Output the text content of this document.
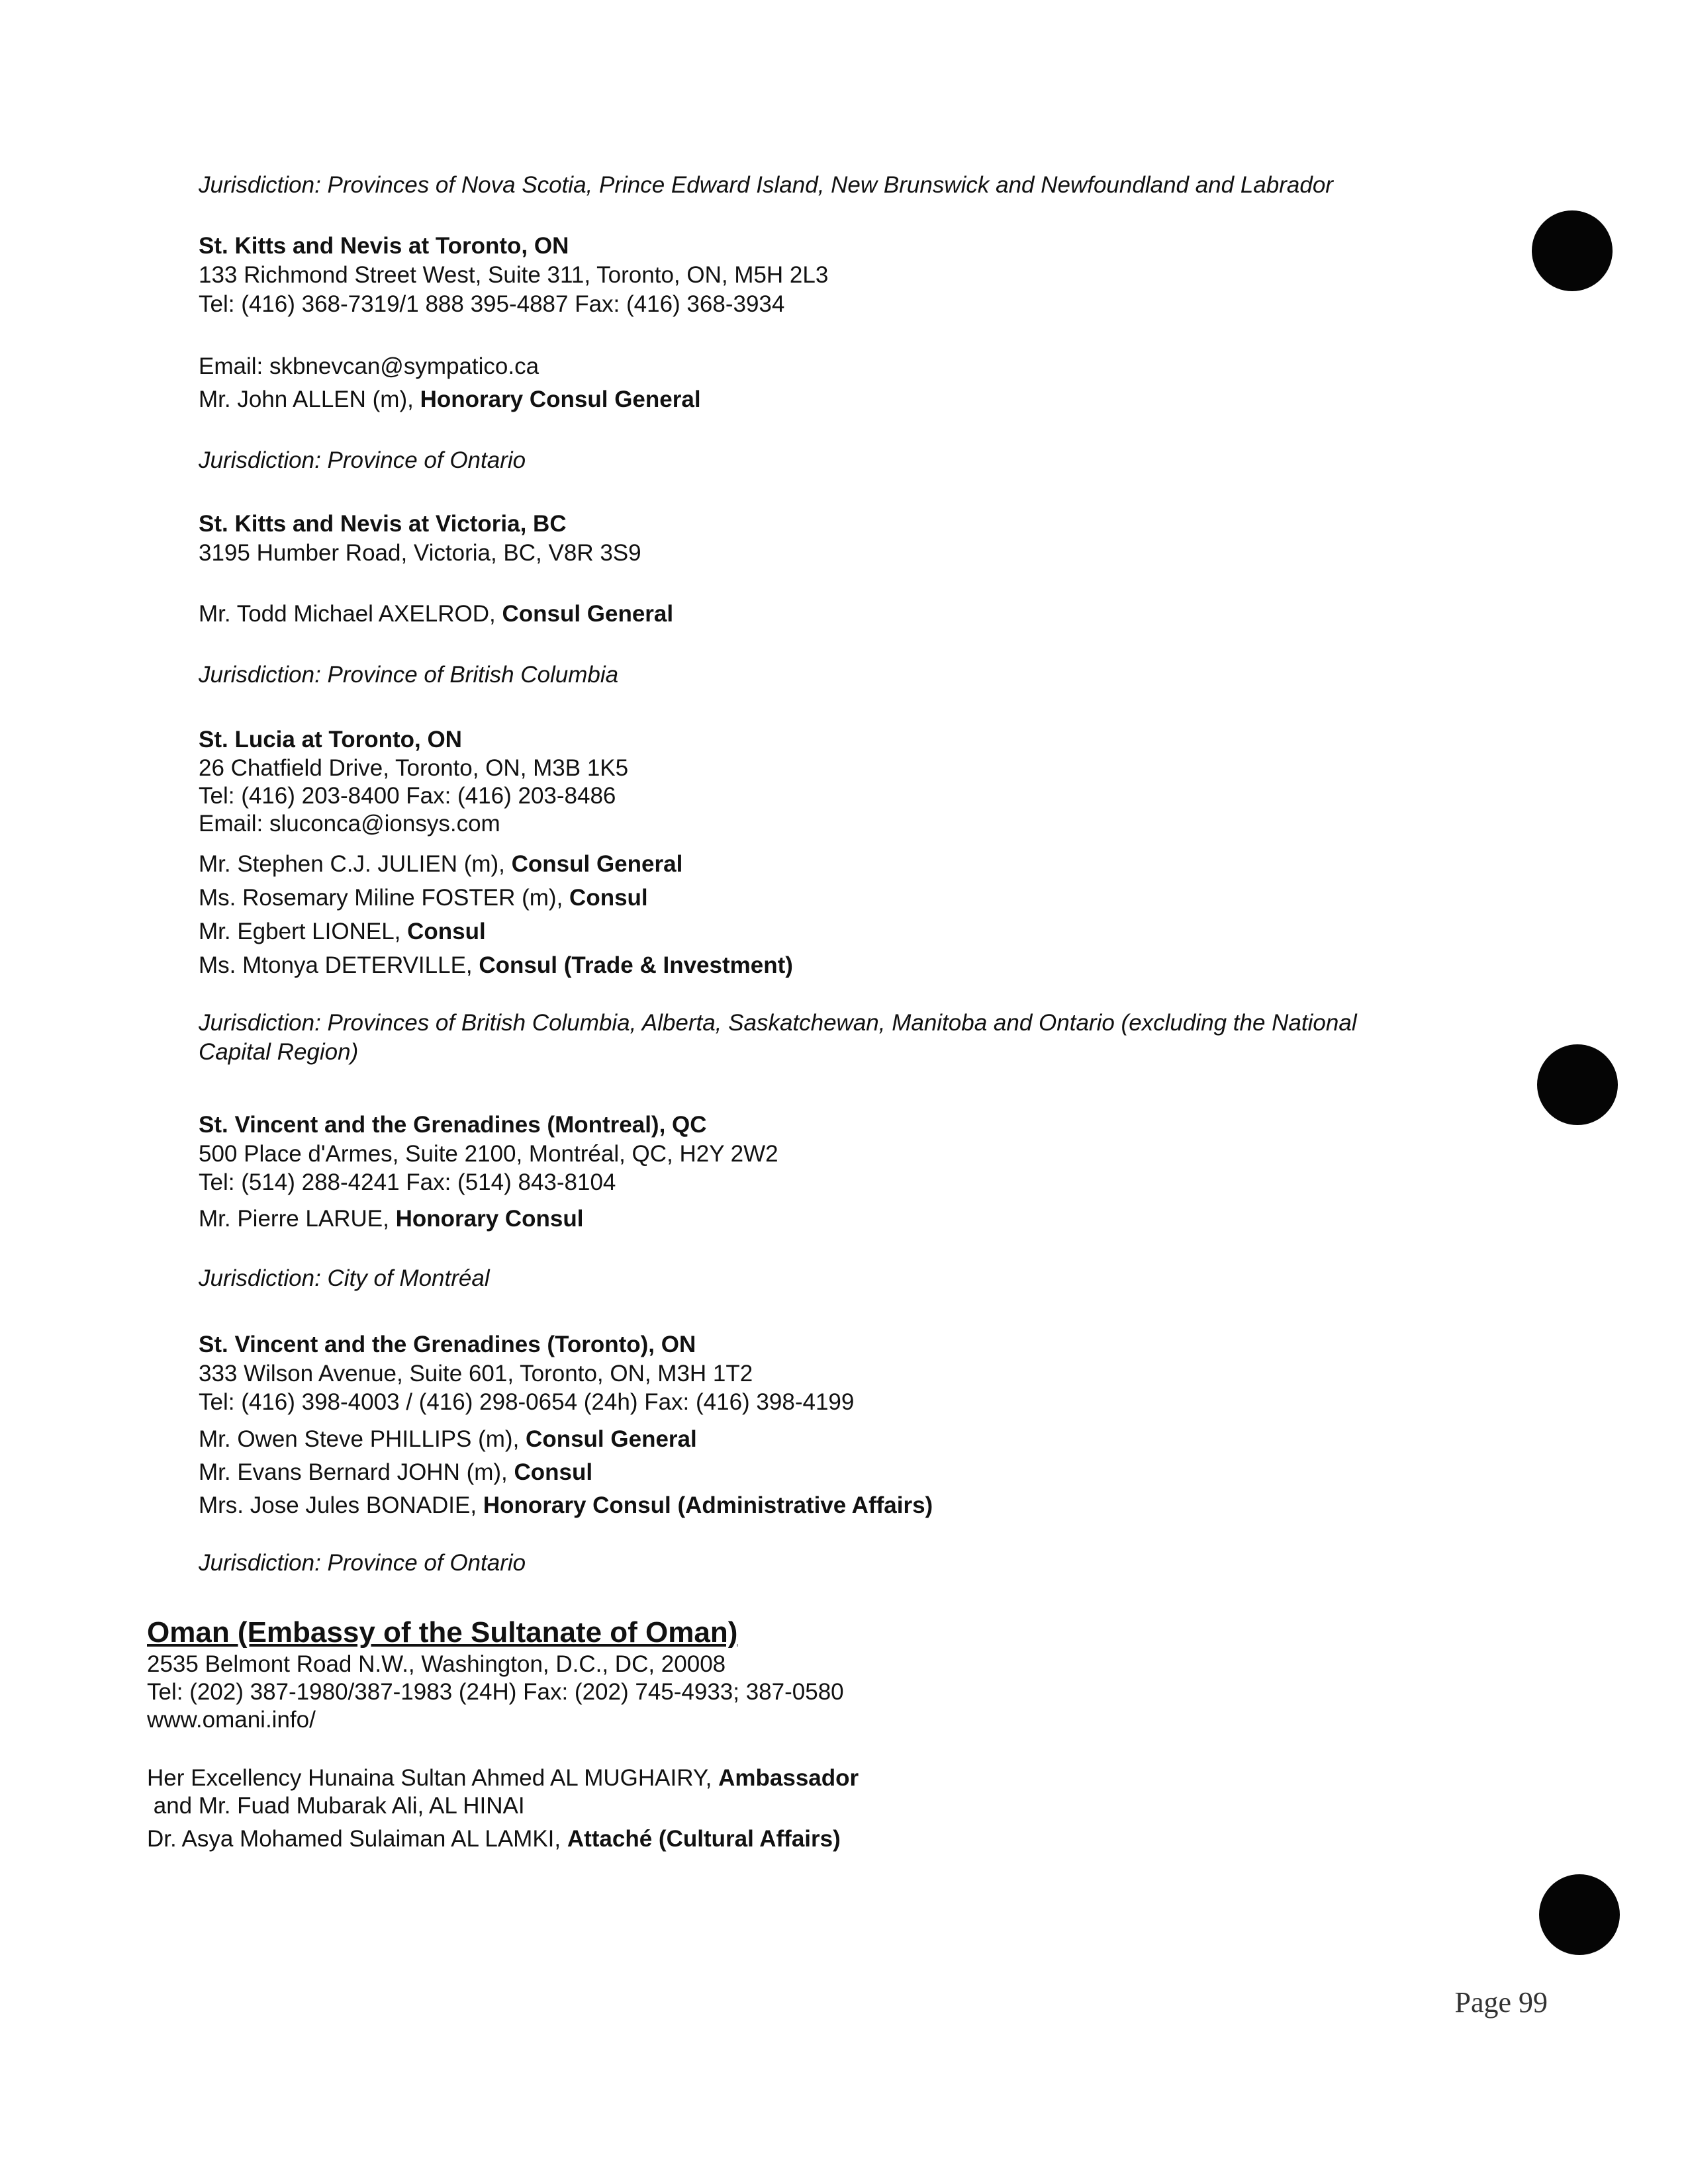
Jurisdiction: Provinces of Nova Scotia, Prince Edward Island, New Brunswick and Newfoundland and Labrador
St. Kitts and Nevis at Toronto, ON
133 Richmond Street West, Suite 311, Toronto, ON, M5H 2L3
Tel: (416) 368-7319/1 888 395-4887 Fax: (416) 368-3934
Email: skbnevcan@sympatico.ca
Mr. John ALLEN (m), Honorary Consul General
Jurisdiction: Province of Ontario
St. Kitts and Nevis at Victoria, BC
3195 Humber Road, Victoria, BC, V8R 3S9
Mr. Todd Michael AXELROD, Consul General
Jurisdiction: Province of British Columbia
St. Lucia at Toronto, ON
26 Chatfield Drive, Toronto, ON, M3B 1K5
Tel: (416) 203-8400 Fax: (416) 203-8486
Email: sluconca@ionsys.com
Mr. Stephen C.J. JULIEN (m), Consul General
Ms. Rosemary Miline FOSTER (m), Consul
Mr. Egbert LIONEL, Consul
Ms. Mtonya DETERVILLE, Consul (Trade & Investment)
Jurisdiction: Provinces of British Columbia, Alberta, Saskatchewan, Manitoba and Ontario (excluding the National
Capital Region)
St. Vincent and the Grenadines (Montreal), QC
500 Place d'Armes, Suite 2100, Montréal, QC, H2Y 2W2
Tel: (514) 288-4241 Fax: (514) 843-8104
Mr. Pierre LARUE, Honorary Consul
Jurisdiction: City of Montréal
St. Vincent and the Grenadines (Toronto), ON
333 Wilson Avenue, Suite 601, Toronto, ON, M3H 1T2
Tel: (416) 398-4003 / (416) 298-0654 (24h) Fax: (416) 398-4199
Mr. Owen Steve PHILLIPS (m), Consul General
Mr. Evans Bernard JOHN (m), Consul
Mrs. Jose Jules BONADIE, Honorary Consul (Administrative Affairs)
Jurisdiction: Province of Ontario
Oman (Embassy of the Sultanate of Oman)
2535 Belmont Road N.W., Washington, D.C., DC, 20008
Tel: (202) 387-1980/387-1983 (24H) Fax: (202) 745-4933; 387-0580
www.omani.info/
Her Excellency Hunaina Sultan Ahmed AL MUGHAIRY, Ambassador
and Mr. Fuad Mubarak Ali, AL HINAI
Dr. Asya Mohamed Sulaiman AL LAMKI, Attaché (Cultural Affairs)
Page 99
